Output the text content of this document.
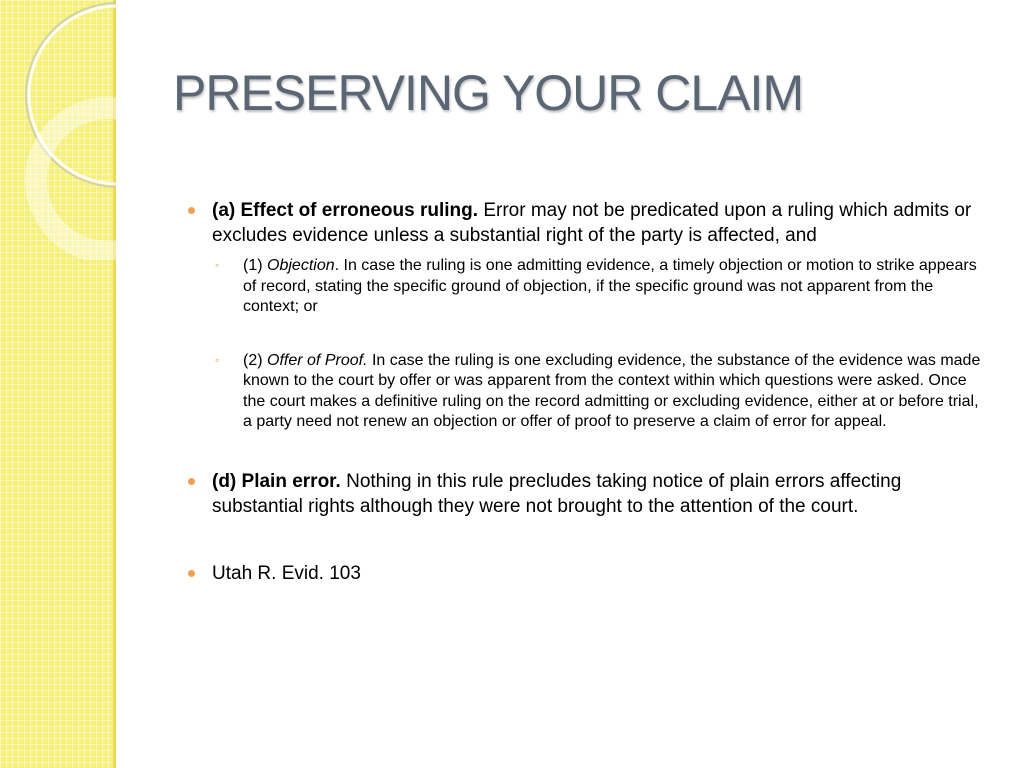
PRESERVING YOUR CLAIM
(a) Effect of erroneous ruling. Error may not be predicated upon a ruling which admits or excludes evidence unless a substantial right of the party is affected, and
◦ (1) Objection. In case the ruling is one admitting evidence, a timely objection or motion to strike appears of record, stating the specific ground of objection, if the specific ground was not apparent from the context; or
◦ (2) Offer of Proof. In case the ruling is one excluding evidence, the substance of the evidence was made known to the court by offer or was apparent from the context within which questions were asked. Once the court makes a definitive ruling on the record admitting or excluding evidence, either at or before trial, a party need not renew an objection or offer of proof to preserve a claim of error for appeal.
(d) Plain error. Nothing in this rule precludes taking notice of plain errors affecting substantial rights although they were not brought to the attention of the court.
Utah R. Evid. 103
